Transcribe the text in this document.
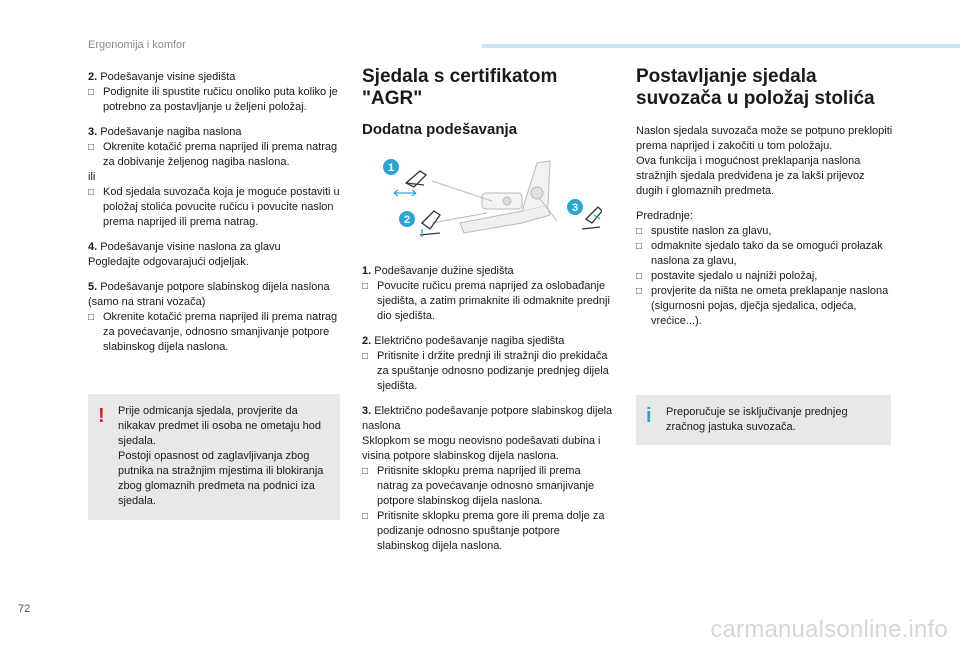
Ergonomija i komfor
2. Podešavanje visine sjedišta
□ Podignite ili spustite ručicu onoliko puta koliko je potrebno za postavljanje u željeni položaj.
3. Podešavanje nagiba naslona
□ Okrenite kotačić prema naprijed ili prema natrag za dobivanje željenog nagiba naslona.
ili
□ Kod sjedala suvozača koja je moguće postaviti u položaj stolića povucite ručicu i povucite naslon prema naprijed ili prema natrag.
4. Podešavanje visine naslona za glavu
Pogledajte odgovarajući odjeljak.
5. Podešavanje potpore slabinskog dijela naslona (samo na strani vozača)
□ Okrenite kotačić prema naprijed ili prema natrag za povećavanje, odnosno smanjivanje potpore slabinskog dijela naslona.
! Prije odmicanja sjedala, provjerite da nikakav predmet ili osoba ne ometaju hod sjedala.
Postoji opasnost od zaglavljivanja zbog putnika na stražnjim mjestima ili blokiranja zbog glomaznih predmeta na podnici iza sjedala.
Sjedala s certifikatom "AGR"
Dodatna podešavanja
1
2
3
1. Podešavanje dužine sjedišta
□ Povucite ručicu prema naprijed za oslobađanje sjedišta, a zatim primaknite ili odmaknite prednji dio sjedišta.
2. Električno podešavanje nagiba sjedišta
□ Pritisnite i držite prednji ili stražnji dio prekidača za spuštanje odnosno podizanje prednjeg dijela sjedišta.
3. Električno podešavanje potpore slabinskog dijela naslona
Sklopkom se mogu neovisno podešavati dubina i visina potpore slabinskog dijela naslona.
□ Pritisnite sklopku prema naprijed ili prema natrag za povećavanje odnosno smanjivanje potpore slabinskog dijela naslona.
□ Pritisnite sklopku prema gore ili prema dolje za podizanje odnosno spuštanje potpore slabinskog dijela naslona.
Postavljanje sjedala suvozača u položaj stolića

Naslon sjedala suvozača može se potpuno preklopiti prema naprijed i zakočiti u tom položaju.
Ova funkcija i mogućnost preklapanja naslona stražnjih sjedala predviđena je za lakši prijevoz dugih i glomaznih predmeta.

Predradnje:
□ spustite naslon za glavu,
□ odmaknite sjedalo tako da se omogući prolazak naslona za glavu,
□ postavite sjedalo u najniži položaj,
□ provjerite da ništa ne ometa preklapanje naslona (sigurnosni pojas, dječja sjedalica, odjeća, vrećice...).
i Preporučuje se isključivanje prednjeg zračnog jastuka suvozača.
72
carmanualsonline.info
